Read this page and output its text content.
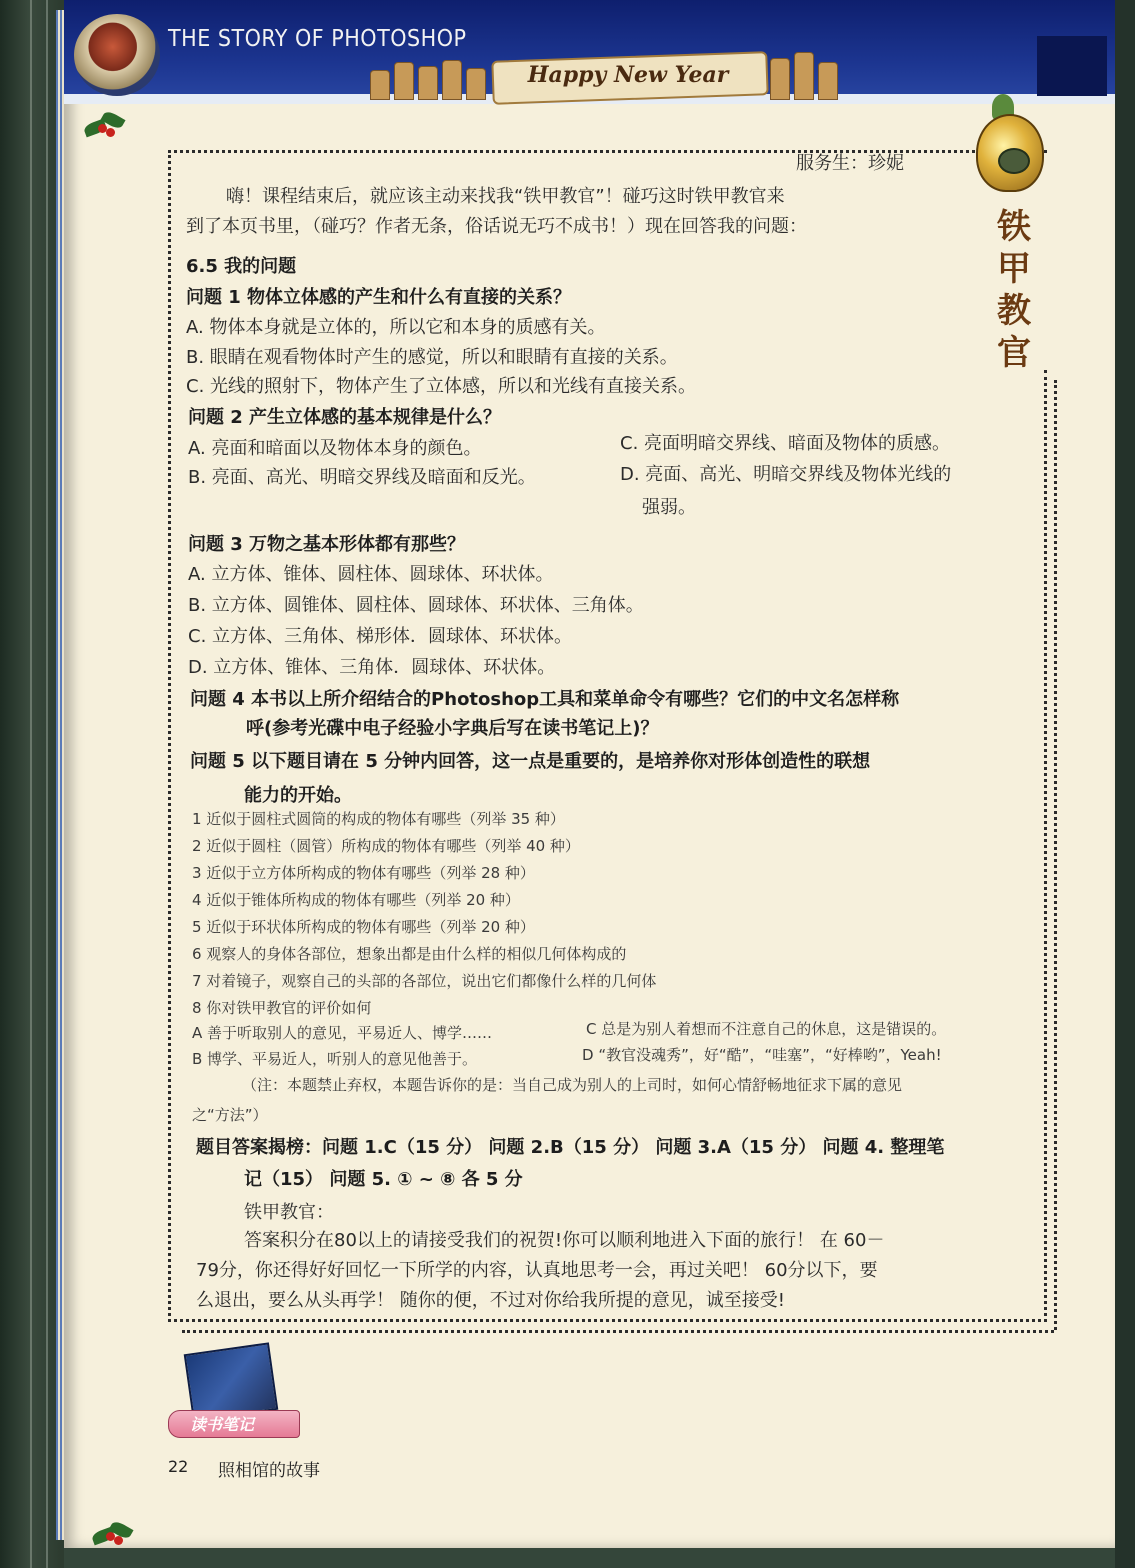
THE STORY OF PHOTOSHOP
Happy New Year
铁
甲
教
官
服务生：珍妮
嗨！课程结束后，就应该主动来找我“铁甲教官”！碰巧这时铁甲教官来
到了本页书里，（碰巧？作者无条，俗话说无巧不成书！）现在回答我的问题：
6.5 我的问题
问题 1 物体立体感的产生和什么有直接的关系？
A. 物体本身就是立体的，所以它和本身的质感有关。
B. 眼睛在观看物体时产生的感觉，所以和眼睛有直接的关系。
C. 光线的照射下，物体产生了立体感，所以和光线有直接关系。
问题 2 产生立体感的基本规律是什么？
A. 亮面和暗面以及物体本身的颜色。
B. 亮面、高光、明暗交界线及暗面和反光。
C. 亮面明暗交界线、暗面及物体的质感。
D. 亮面、高光、明暗交界线及物体光线的
强弱。
问题 3 万物之基本形体都有那些？
A. 立方体、锥体、圆柱体、圆球体、环状体。
B. 立方体、圆锥体、圆柱体、圆球体、环状体、三角体。
C. 立方体、三角体、梯形体．圆球体、环状体。
D. 立方体、锥体、三角体．圆球体、环状体。
问题 4 本书以上所介绍结合的Photoshop工具和菜单命令有哪些？它们的中文名怎样称
呼(参考光碟中电子经验小字典后写在读书笔记上)？
问题 5 以下题目请在 5 分钟内回答，这一点是重要的，是培养你对形体创造性的联想
能力的开始。
1 近似于圆柱式圆筒的构成的物体有哪些（列举 35 种）
2 近似于圆柱（圆管）所构成的物体有哪些（列举 40 种）
3 近似于立方体所构成的物体有哪些（列举 28 种）
4 近似于锥体所构成的物体有哪些（列举 20 种）
5 近似于环状体所构成的物体有哪些（列举 20 种）
6 观察人的身体各部位，想象出都是由什么样的相似几何体构成的
7 对着镜子，观察自己的头部的各部位，说出它们都像什么样的几何体
8 你对铁甲教官的评价如何
A 善于听取别人的意见，平易近人、博学……	C 总是为别人着想而不注意自己的休息，这是错误的。
B 博学、平易近人，听别人的意见他善于。	D “教官没魂秀”，好“酷”，“哇塞”，“好棒哟”，Yeah!
（注：本题禁止弃权，本题告诉你的是：当自己成为别人的上司时，如何心情舒畅地征求下属的意见
之“方法”）
题目答案揭榜：问题 1.C（15 分） 问题 2.B（15 分） 问题 3.A（15 分） 问题 4. 整理笔
记（15） 问题 5. ① ~ ⑧ 各 5 分
铁甲教官：
答案积分在80以上的请接受我们的祝贺!你可以顺利地进入下面的旅行！ 在 60－
79分，你还得好好回忆一下所学的内容，认真地思考一会，再过关吧！ 60分以下，要
么退出，要么从头再学！ 随你的便，不过对你给我所提的意见，诚至接受!
读书笔记
22 照相馆的故事
